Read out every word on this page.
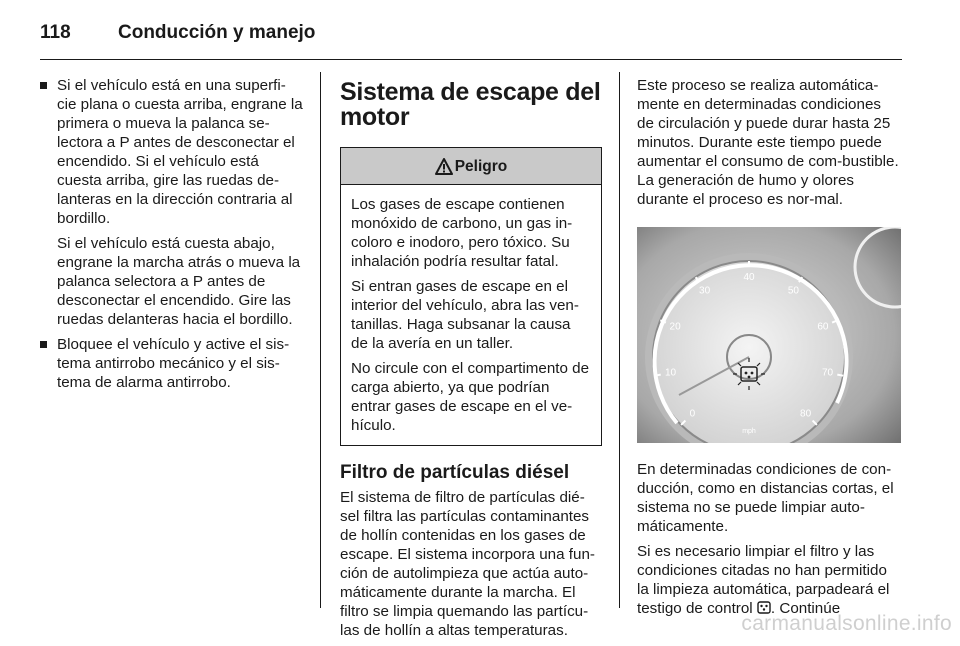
118 Conducción y manejo
Si el vehículo está en una superfi-cie plana o cuesta arriba, engrane la primera o mueva la palanca se-lectora a P antes de desconectar el encendido. Si el vehículo está cuesta arriba, gire las ruedas de-lanteras en la dirección contraria al bordillo.
Si el vehículo está cuesta abajo, engrane la marcha atrás o mueva la palanca selectora a P antes de desconectar el encendido. Gire las ruedas delanteras hacia el bordillo.
Bloquee el vehículo y active el sis-tema antirrobo mecánico y el sis-tema de alarma antirrobo.
Sistema de escape del motor
Peligro

Los gases de escape contienen monóxido de carbono, un gas in-coloro e inodoro, pero tóxico. Su inhalación podría resultar fatal.

Si entran gases de escape en el interior del vehículo, abra las ven-tanillas. Haga subsanar la causa de la avería en un taller.

No circule con el compartimento de carga abierto, ya que podrían entrar gases de escape en el ve-hículo.

Filtro de partículas diésel

El sistema de filtro de partículas dié-sel filtra las partículas contaminantes de hollín contenidas en los gases de escape. El sistema incorpora una fun-ción de autolimpieza que actúa auto-máticamente durante la marcha. El filtro se limpia quemando las partícu-las de hollín a altas temperaturas.

Este proceso se realiza automática-mente en determinadas condiciones de circulación y puede durar hasta 25 minutos. Durante este tiempo puede aumentar el consumo de com-bustible. La generación de humo y olores durante el proceso es nor-mal.

0
10
20
30
40
50
60
70
80
mph

En determinadas condiciones de con-ducción, como en distancias cortas, el sistema no se puede limpiar auto-máticamente.

Si es necesario limpiar el filtro y las condiciones citadas no han permitido la limpieza automática, parpadeará el testigo de control . Continúe

carmanualsonline.info
